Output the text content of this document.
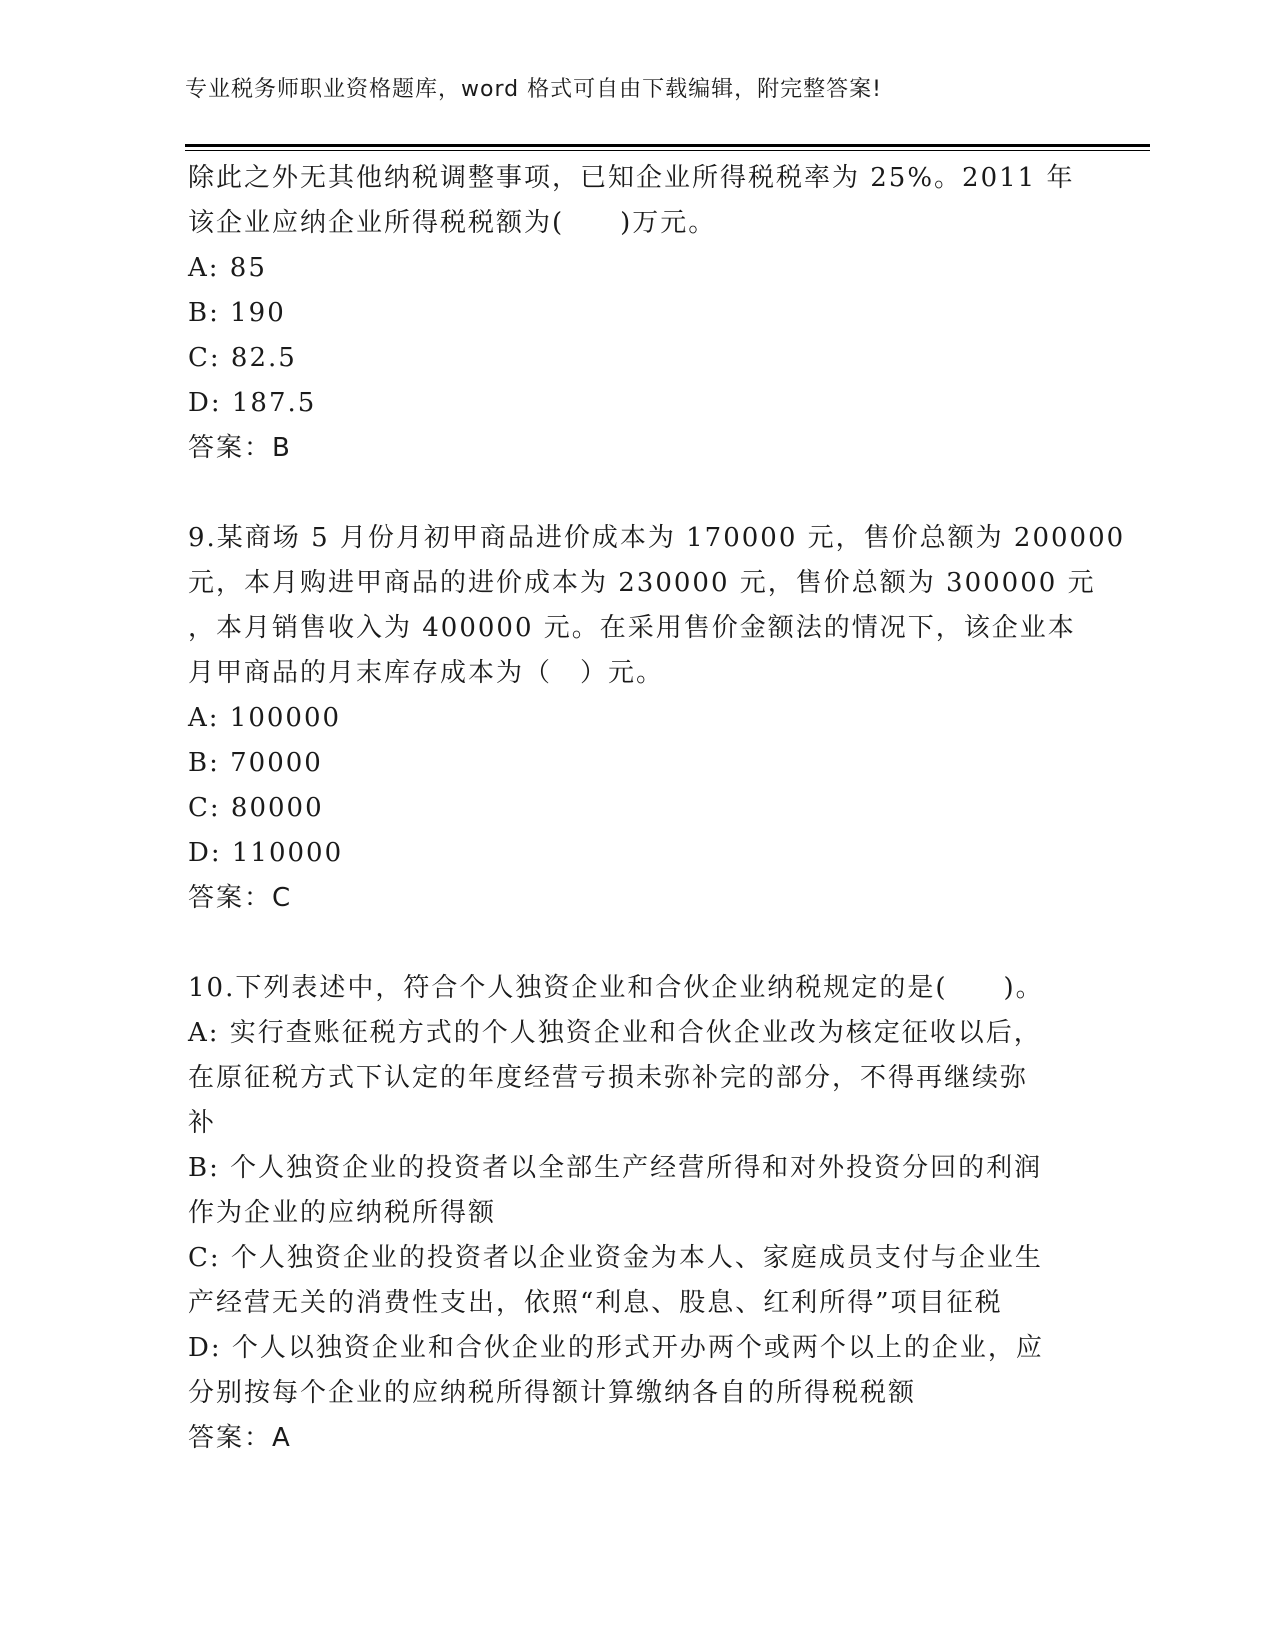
专业税务师职业资格题库，word 格式可自由下载编辑，附完整答案!

除此之外无其他纳税调整事项，已知企业所得税税率为 25%。2011 年

该企业应纳企业所得税税额为(　　)万元。

A: 85

B: 190

C: 82.5

D: 187.5

答案：B

9.某商场 5 月份月初甲商品进价成本为 170000 元，售价总额为 200000

元，本月购进甲商品的进价成本为 230000 元，售价总额为 300000 元

，本月销售收入为 400000 元。在采用售价金额法的情况下，该企业本

月甲商品的月末库存成本为（　）元。

A: 100000

B: 70000

C: 80000

D: 110000

答案：C

10.下列表述中，符合个人独资企业和合伙企业纳税规定的是(　　)。

A: 实行查账征税方式的个人独资企业和合伙企业改为核定征收以后，

在原征税方式下认定的年度经营亏损未弥补完的部分，不得再继续弥

补

B: 个人独资企业的投资者以全部生产经营所得和对外投资分回的利润

作为企业的应纳税所得额

C: 个人独资企业的投资者以企业资金为本人、家庭成员支付与企业生

产经营无关的消费性支出，依照“利息、股息、红利所得”项目征税

D: 个人以独资企业和合伙企业的形式开办两个或两个以上的企业，应

分别按每个企业的应纳税所得额计算缴纳各自的所得税税额

答案：A
